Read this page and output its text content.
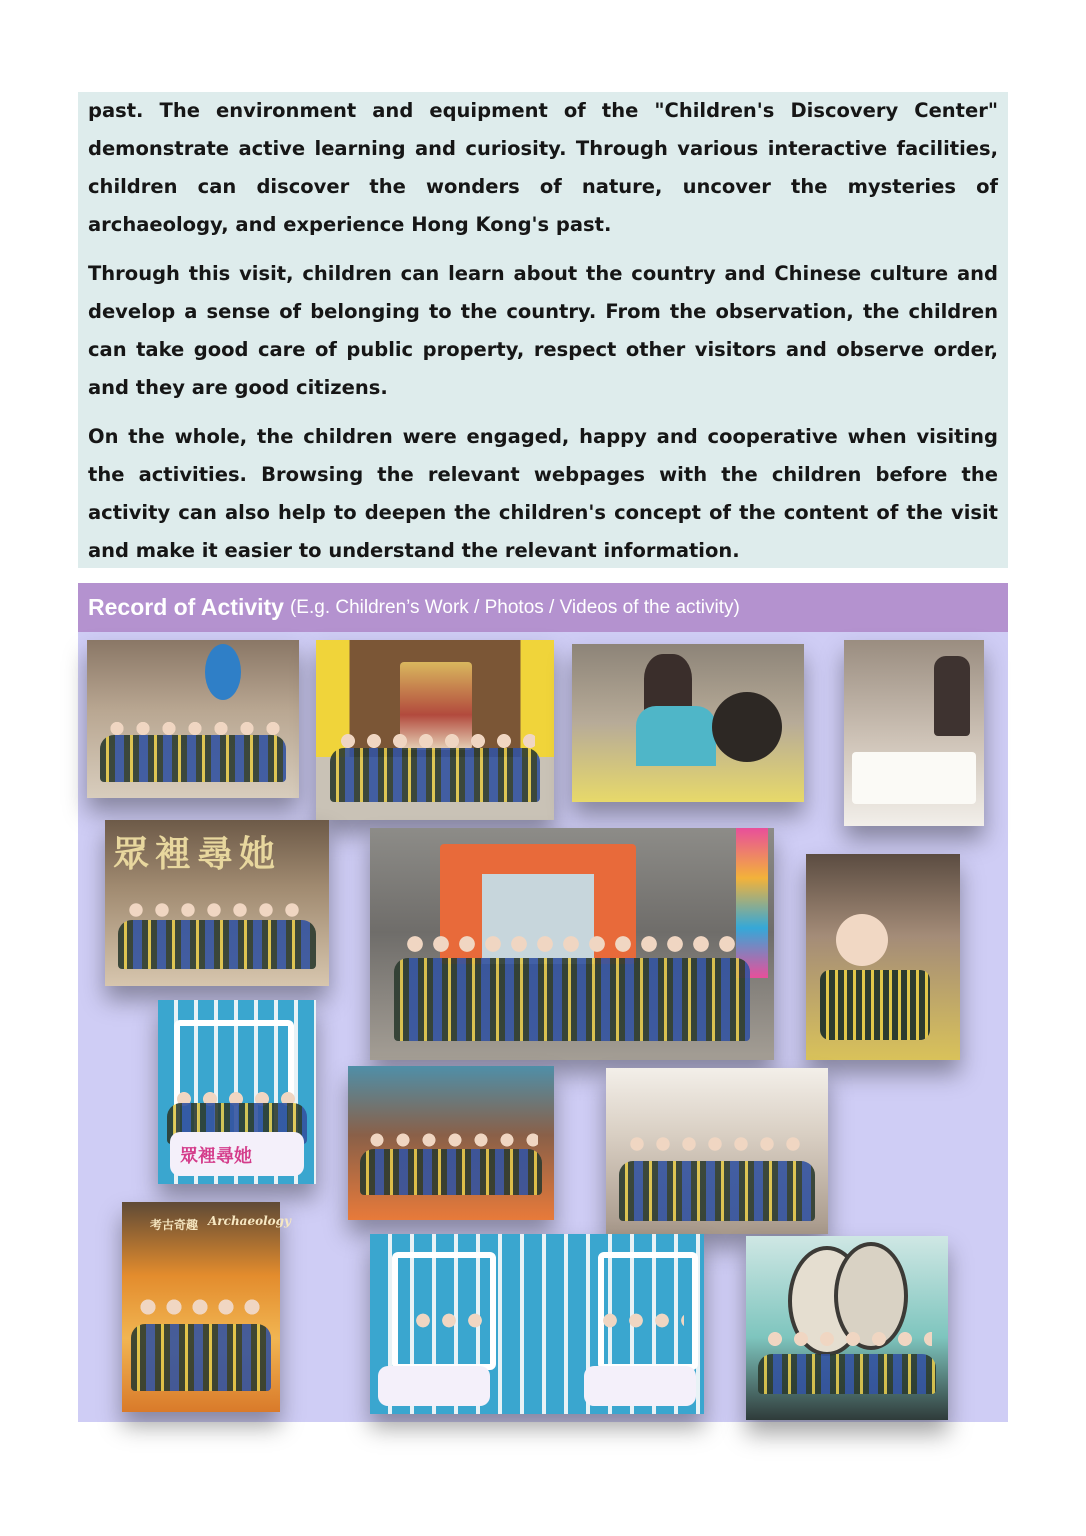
past. The environment and equipment of the "Children's Discovery Center" demonstrate active learning and curiosity. Through various interactive facilities, children can discover the wonders of nature, uncover the mysteries of archaeology, and experience Hong Kong's past.

Through this visit, children can learn about the country and Chinese culture and develop a sense of belonging to the country. From the observation, the children can take good care of public property, respect other visitors and observe order, and they are good citizens.

On the whole, the children were engaged, happy and cooperative when visiting the activities. Browsing the relevant webpages with the children before the activity can also help to deepen the children's concept of the content of the visit and make it easier to understand the relevant information.

Record of Activity (E.g. Children’s Work / Photos / Videos of the activity)
眾裡尋她
眾裡尋她
考古奇趣 Archaeology
